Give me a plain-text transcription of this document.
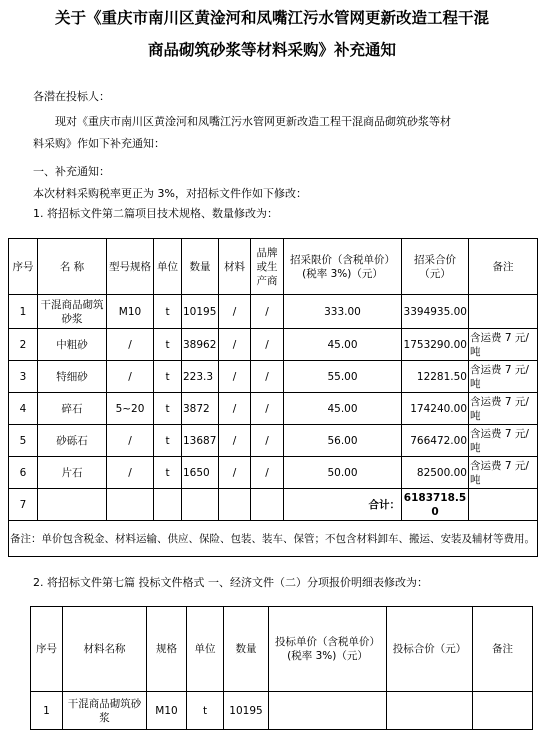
关于《重庆市南川区黄淦河和凤嘴江污水管网更新改造工程干混
商品砌筑砂浆等材料采购》补充通知
各潜在投标人：
现对《重庆市南川区黄淦河和凤嘴江污水管网更新改造工程干混商品砌筑砂浆等材
料采购》作如下补充通知：
一、补充通知：
本次材料采购税率更正为 3%，对招标文件作如下修改：
1. 将招标文件第二篇项目技术规格、数量修改为：
序号	名 称	型号规格	单位	数量	材料	品牌或生产商	招采限价（含税单价）(税率 3%)（元）	招采合价（元）	备注
1	干混商品砌筑砂浆	M10	t	10195	/	/	333.00	3394935.00	
2	中粗砂	/	t	38962	/	/	45.00	1753290.00	含运费 7 元/吨
3	特细砂	/	t	223.3	/	/	55.00	12281.50	含运费 7 元/吨
4	碎石	5~20	t	3872	/	/	45.00	174240.00	含运费 7 元/吨
5	砂砾石	/	t	13687	/	/	56.00	766472.00	含运费 7 元/吨
6	片石	/	t	1650	/	/	50.00	82500.00	含运费 7 元/吨
7							合计：	6183718.50	
备注：单价包含税金、材料运输、供应、保险、包装、装车、保管；不包含材料卸车、搬运、安装及辅材等费用。									
2. 将招标文件第七篇 投标文件格式 一、经济文件（二）分项报价明细表修改为：
序号	材料名称	规格	单位	数量	投标单价（含税单价）(税率 3%)（元）	投标合价（元）	备注
1	干混商品砌筑砂浆	M10	t	10195			
